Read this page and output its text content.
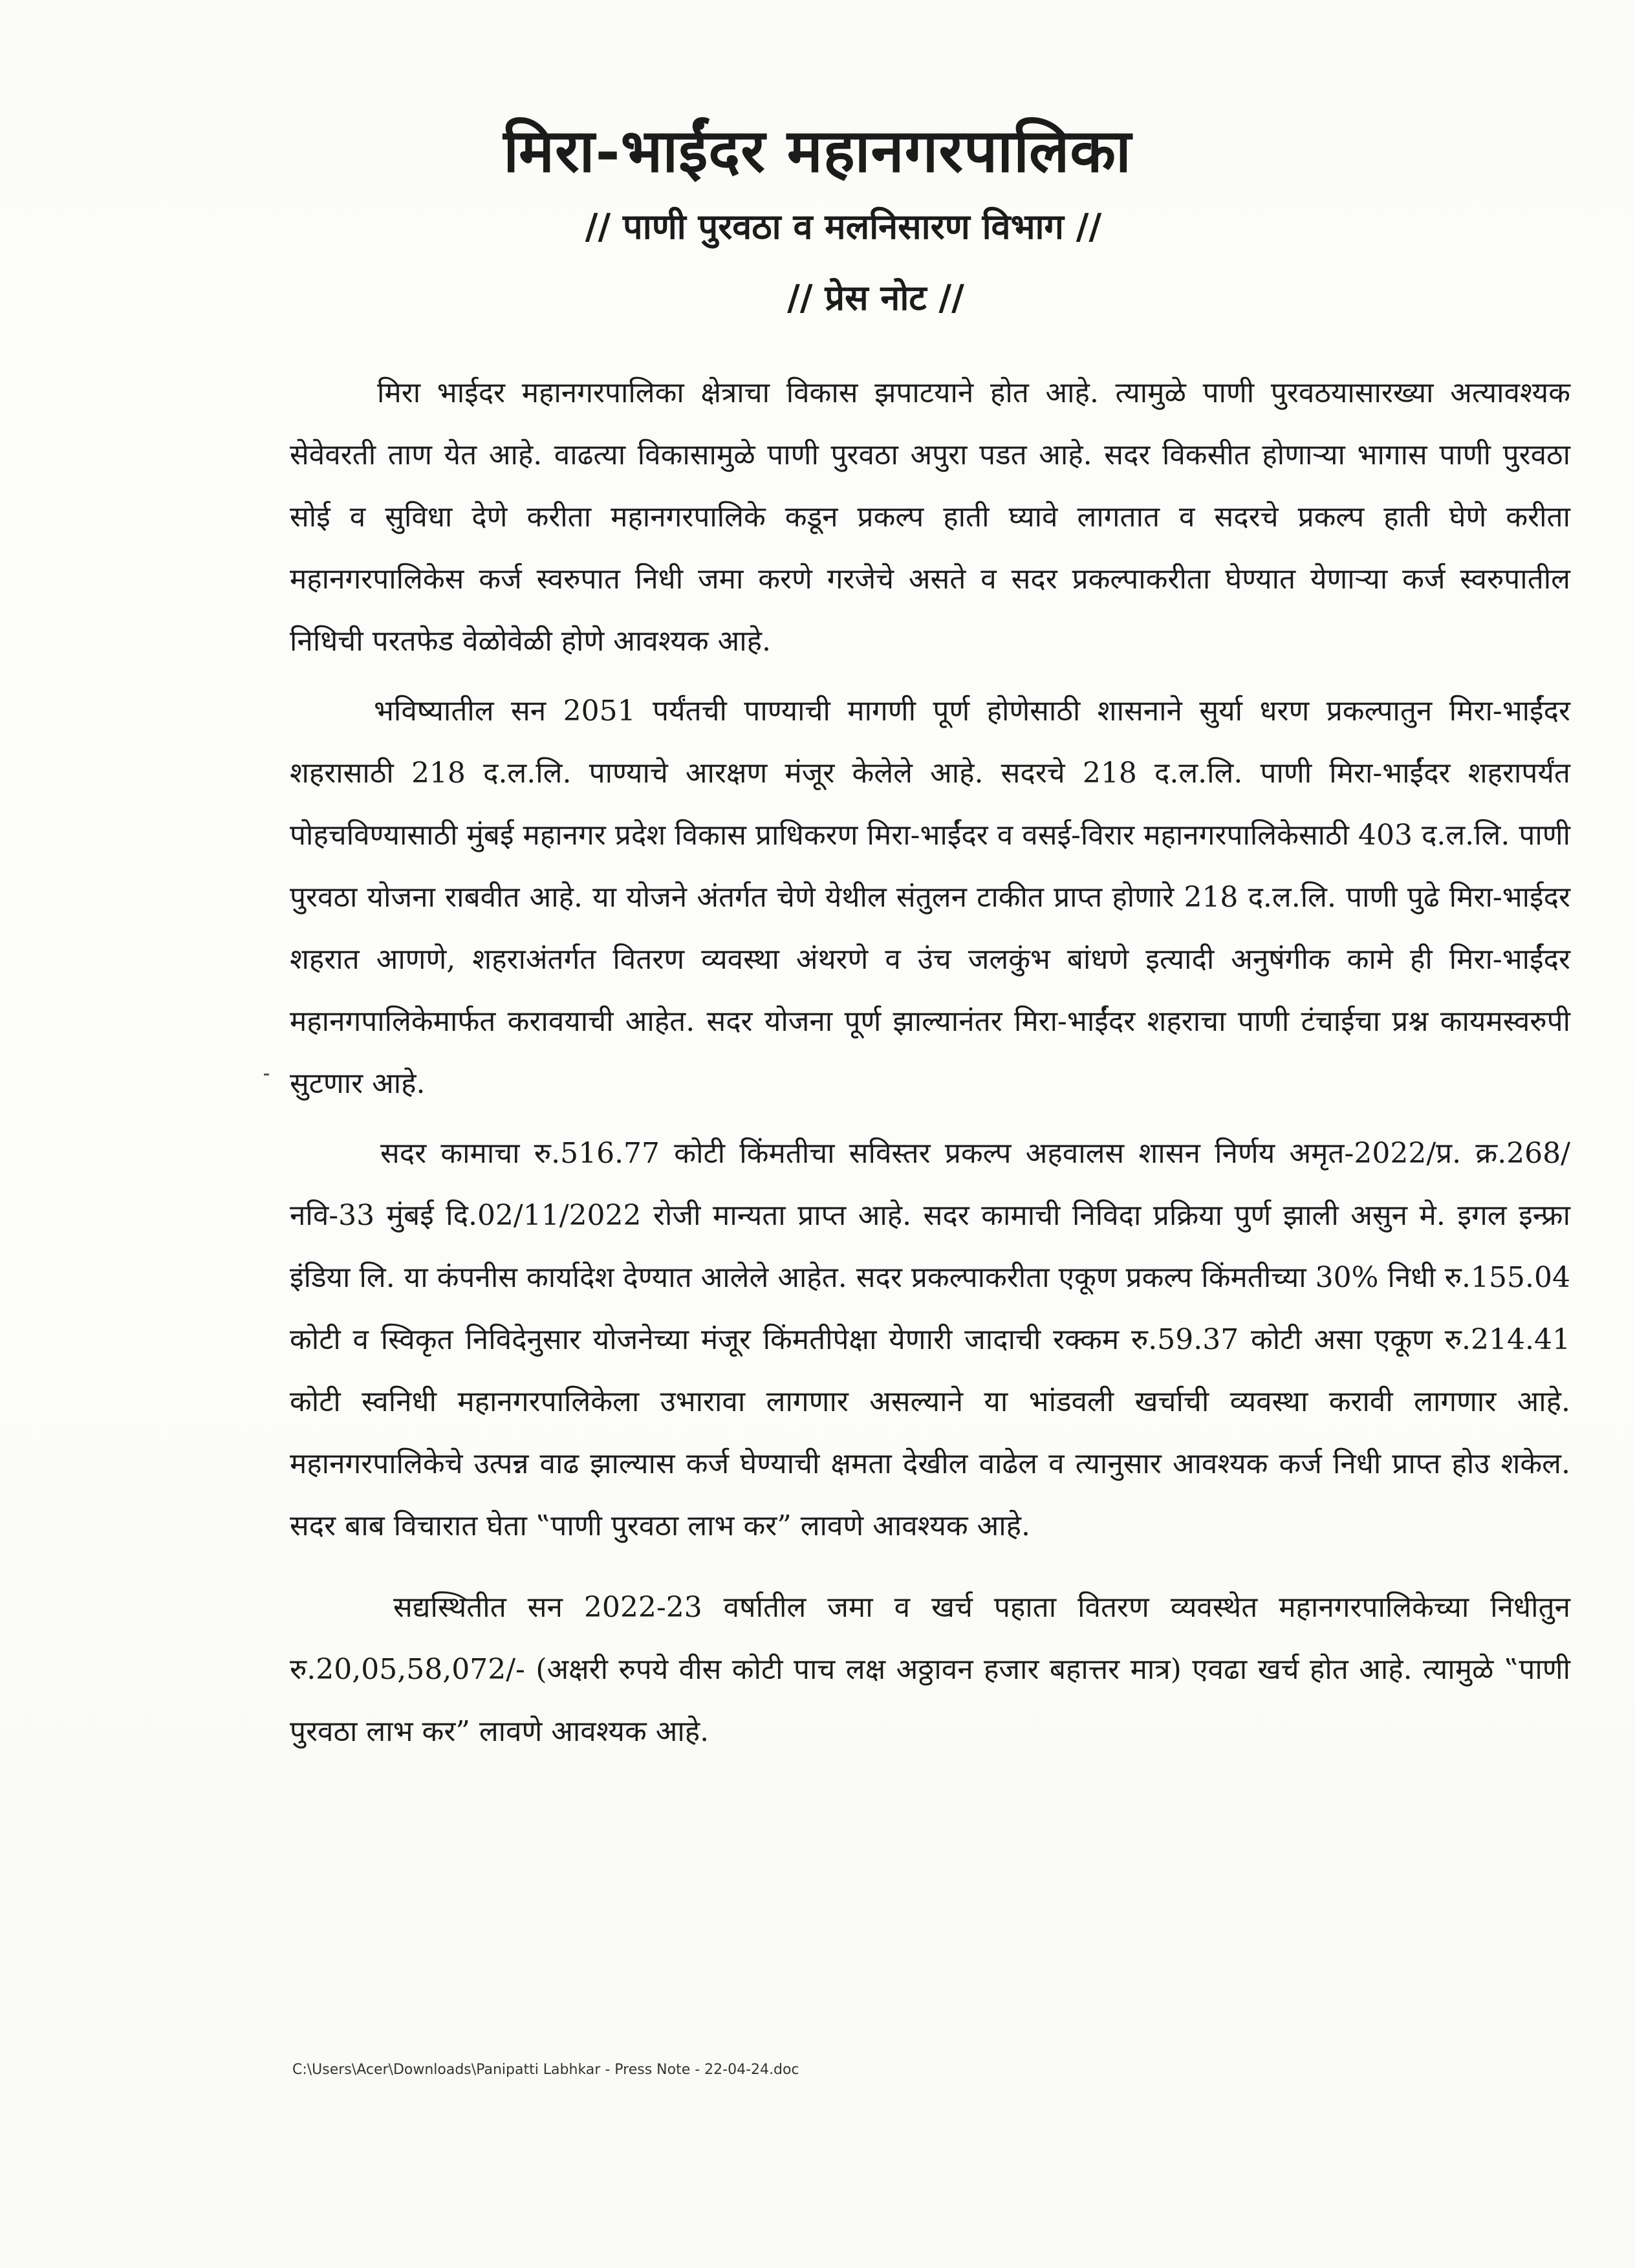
मिरा-भाईंदर महानगरपालिका
// पाणी पुरवठा व मलनिसारण विभाग //
// प्रेस नोट //

मिरा भाईदर महानगरपालिका क्षेत्राचा विकास झपाटयाने होत आहे. त्यामुळे पाणी पुरवठयासारख्या अत्यावश्यक सेवेवरती ताण येत आहे. वाढत्या विकासामुळे पाणी पुरवठा अपुरा पडत आहे. सदर विकसीत होणाऱ्या भागास पाणी पुरवठा सोई व सुविधा देणे करीता महानगरपालिके कडून प्रकल्प हाती घ्यावे लागतात व सदरचे प्रकल्प हाती घेणे करीता महानगरपालिकेस कर्ज स्वरुपात निधी जमा करणे गरजेचे असते व सदर प्रकल्पाकरीता घेण्यात येणाऱ्या कर्ज स्वरुपातील निधिची परतफेड वेळोवेळी होणे आवश्यक आहे.

भविष्यातील सन 2051 पर्यंतची पाण्याची मागणी पूर्ण होणेसाठी शासनाने सुर्या धरण प्रकल्पातुन मिरा-भाईंदर शहरासाठी 218 द.ल.लि. पाण्याचे आरक्षण मंजूर केलेले आहे. सदरचे 218 द.ल.लि. पाणी मिरा-भाईंदर शहरापर्यंत पोहचविण्यासाठी मुंबई महानगर प्रदेश विकास प्राधिकरण मिरा-भाईंदर व वसई-विरार महानगरपालिकेसाठी 403 द.ल.लि. पाणी पुरवठा योजना राबवीत आहे. या योजने अंतर्गत चेणे येथील संतुलन टाकीत प्राप्त होणारे 218 द.ल.लि. पाणी पुढे मिरा-भाईदर शहरात आणणे, शहराअंतर्गत वितरण व्यवस्था अंथरणे व उंच जलकुंभ बांधणे इत्यादी अनुषंगीक कामे ही मिरा-भाईंदर महानगपालिकेमार्फत करावयाची आहेत. सदर योजना पूर्ण झाल्यानंतर मिरा-भाईंदर शहराचा पाणी टंचाईचा प्रश्न कायमस्वरुपी सुटणार आहे.

सदर कामाचा रु.516.77 कोटी किंमतीचा सविस्तर प्रकल्प अहवालस शासन निर्णय अमृत-2022/प्र. क्र.268/नवि-33 मुंबई दि.02/11/2022 रोजी मान्यता प्राप्त आहे. सदर कामाची निविदा प्रक्रिया पुर्ण झाली असुन मे. इगल इन्फ्रा इंडिया लि. या कंपनीस कार्यादेश देण्यात आलेले आहेत. सदर प्रकल्पाकरीता एकूण प्रकल्प किंमतीच्या 30% निधी रु.155.04 कोटी व स्विकृत निविदेनुसार योजनेच्या मंजूर किंमतीपेक्षा येणारी जादाची रक्कम रु.59.37 कोटी असा एकूण रु.214.41 कोटी स्वनिधी महानगरपालिकेला उभारावा लागणार असल्याने या भांडवली खर्चाची व्यवस्था करावी लागणार आहे. महानगरपालिकेचे उत्पन्न वाढ झाल्यास कर्ज घेण्याची क्षमता देखील वाढेल व त्यानुसार आवश्यक कर्ज निधी प्राप्त होउ शकेल. सदर बाब विचारात घेता ‟पाणी पुरवठा लाभ कर” लावणे आवश्यक आहे.

सद्यस्थितीत सन 2022-23 वर्षातील जमा व खर्च पहाता वितरण व्यवस्थेत महानगरपालिकेच्या निधीतुन रु.20,05,58,072/- (अक्षरी रुपये वीस कोटी पाच लक्ष अठ्ठावन हजार बहात्तर मात्र) एवढा खर्च होत आहे. त्यामुळे ‟पाणी पुरवठा लाभ कर” लावणे आवश्यक आहे.

C:\Users\Acer\Downloads\Panipatti Labhkar - Press Note - 22-04-24.doc
